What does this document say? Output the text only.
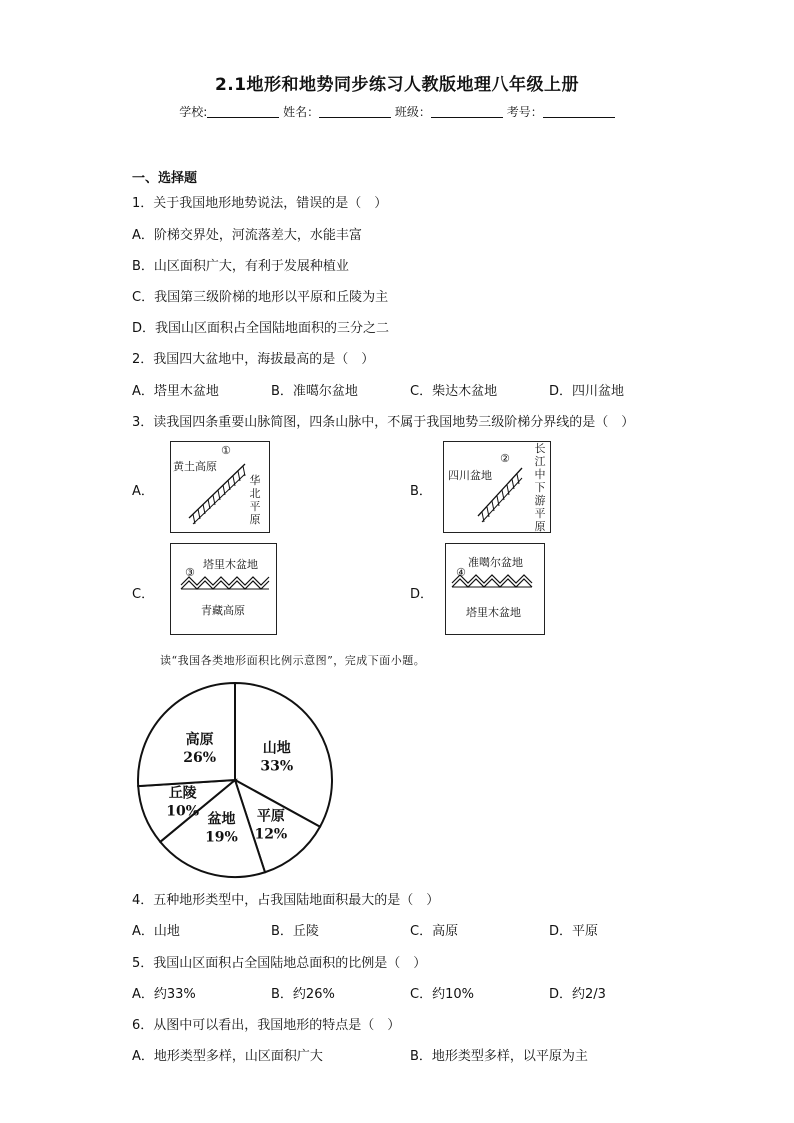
2.1地形和地势同步练习人教版地理八年级上册
学校:	姓名：	班级：	考号：
一、选择题
1．关于我国地形地势说法，错误的是（　）
A．阶梯交界处，河流落差大，水能丰富
B．山区面积广大，有利于发展种植业
C．我国第三级阶梯的地形以平原和丘陵为主
D．我国山区面积占全国陆地面积的三分之二
2．我国四大盆地中，海拔最高的是（　）
A．塔里木盆地	B．准噶尔盆地	C．柴达木盆地	D．四川盆地
3．读我国四条重要山脉简图，四条山脉中，不属于我国地势三级阶梯分界线的是（　）
A．
①
黄土高原
华
北
平
原
B．
②
四川盆地
长
江
中
下
游
平
原
C．
塔里木盆地
③
青藏高原
D．
准噶尔盆地
④
塔里木盆地
读“我国各类地形面积比例示意图”，完成下面小题。
山地
33%
平原
12%
盆地
19%
丘陵
10%
高原
26%
4．五种地形类型中，占我国陆地面积最大的是（　）
A．山地	B．丘陵	C．高原	D．平原
5．我国山区面积占全国陆地总面积的比例是（　）
A．约33%	B．约26%	C．约10%	D．约2/3
6．从图中可以看出，我国地形的特点是（　）
A．地形类型多样，山区面积广大	B．地形类型多样，以平原为主
